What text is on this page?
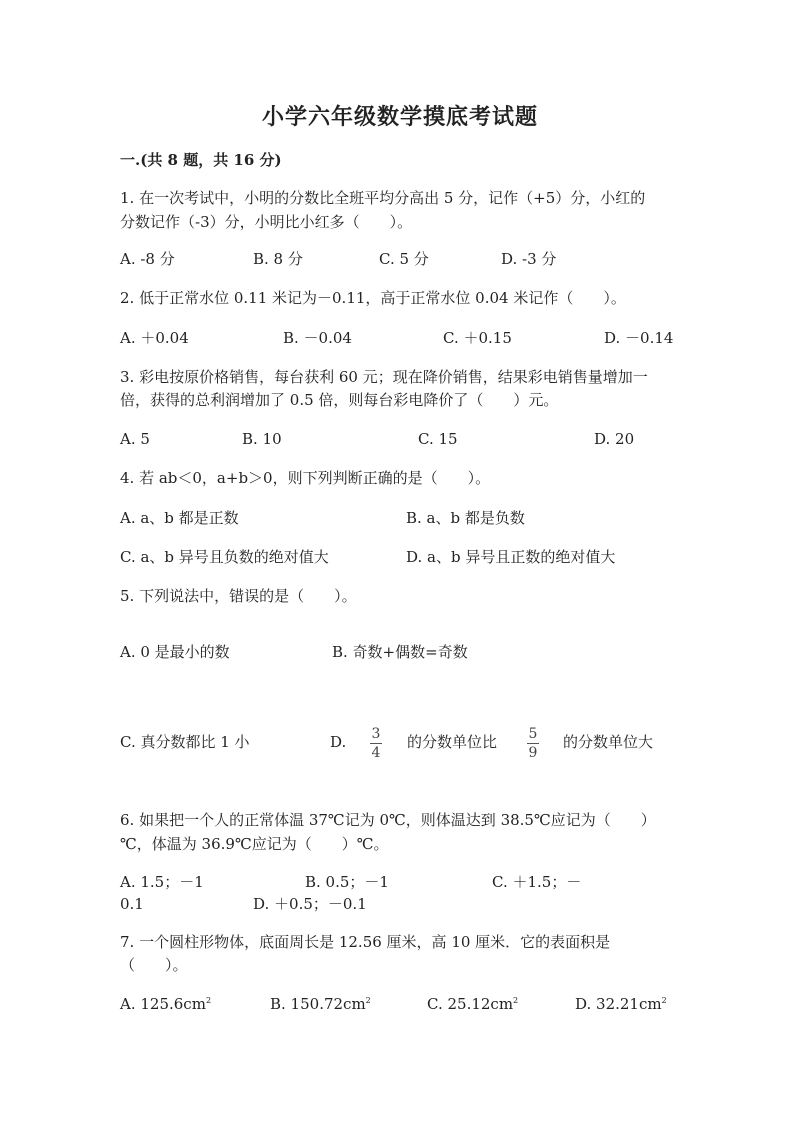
小学六年级数学摸底考试题
一.(共 8 题，共 16 分)
1. 在一次考试中，小明的分数比全班平均分高出 5 分，记作（+5）分，小红的
分数记作（-3）分，小明比小红多（　　）。
A. -8 分	B. 8 分	C. 5 分	D. -3 分
2. 低于正常水位 0.11 米记为－0.11，高于正常水位 0.04 米记作（　　）。
A. ＋0.04	B. －0.04	C. ＋0.15	D. －0.14
3. 彩电按原价格销售，每台获利 60 元；现在降价销售，结果彩电销售量增加一
倍，获得的总利润增加了 0.5 倍，则每台彩电降价了（　　）元。
A. 5	B. 10	C. 15	D. 20
4. 若 ab＜0，a+b＞0，则下列判断正确的是（　　）。
A. a、b 都是正数	B. a、b 都是负数
C. a、b 异号且负数的绝对值大	D. a、b 异号且正数的绝对值大
5. 下列说法中，错误的是（　　）。
A. 0 是最小的数	B. 奇数+偶数=奇数
C. 真分数都比 1 小	D.	3
4
的分数单位比	5
9
的分数单位大
6. 如果把一个人的正常体温 37℃记为 0℃，则体温达到 38.5℃应记为（　　）
℃，体温为 36.9℃应记为（　　）℃。
A. 1.5；－1	B. 0.5；－1	C. ＋1.5；－
0.1	D. ＋0.5；－0.1
7. 一个圆柱形物体，底面周长是 12.56 厘米，高 10 厘米．它的表面积是
（　　）。
A. $125.6cm^2$	B. $150.72cm^2$	C. $25.12cm^2$	D. $32.21cm^2$
